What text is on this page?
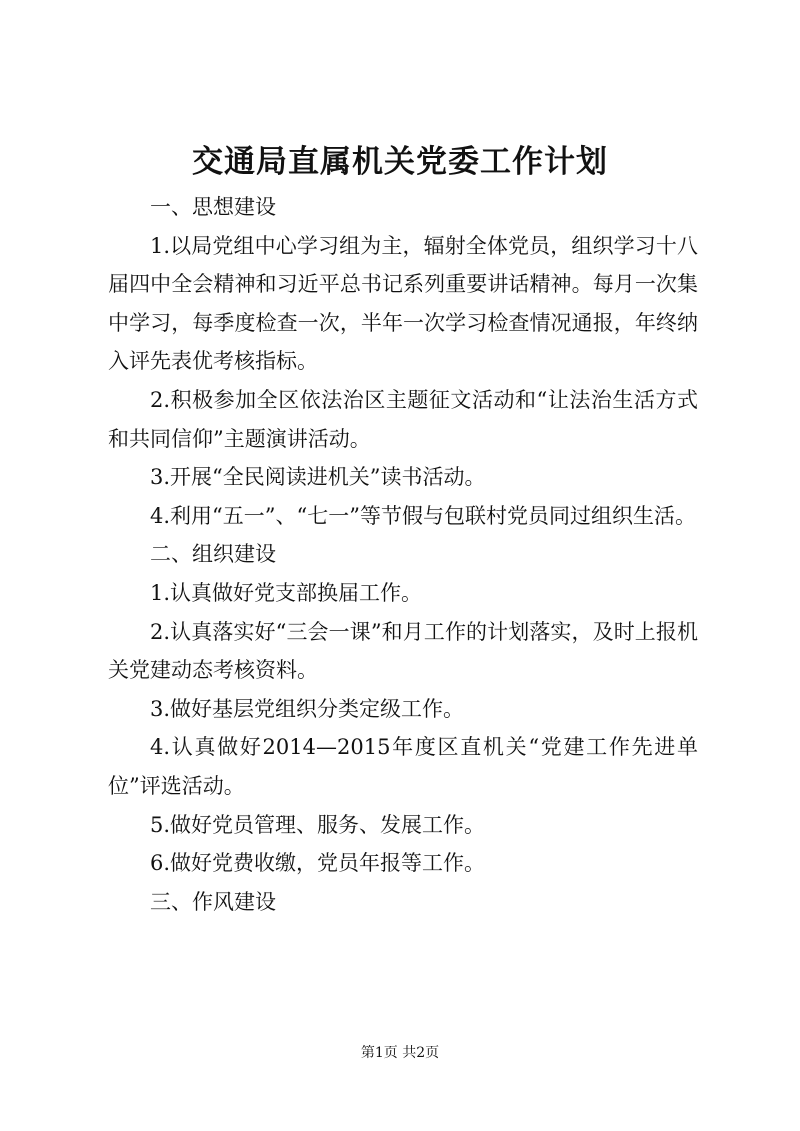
交通局直属机关党委工作计划

一、思想建设

1.以局党组中心学习组为主，辐射全体党员，组织学习十八届四中全会精神和习近平总书记系列重要讲话精神。每月一次集中学习，每季度检查一次，半年一次学习检查情况通报，年终纳入评先表优考核指标。

2.积极参加全区依法治区主题征文活动和“让法治生活方式和共同信仰”主题演讲活动。

3.开展“全民阅读进机关”读书活动。

4.利用“五一”、“七一”等节假与包联村党员同过组织生活。

二、组织建设

1.认真做好党支部换届工作。

2.认真落实好“三会一课”和月工作的计划落实，及时上报机关党建动态考核资料。

3.做好基层党组织分类定级工作。

4.认真做好2014—2015年度区直机关“党建工作先进单位”评选活动。

5.做好党员管理、服务、发展工作。

6.做好党费收缴，党员年报等工作。

三、作风建设

第1页 共2页
